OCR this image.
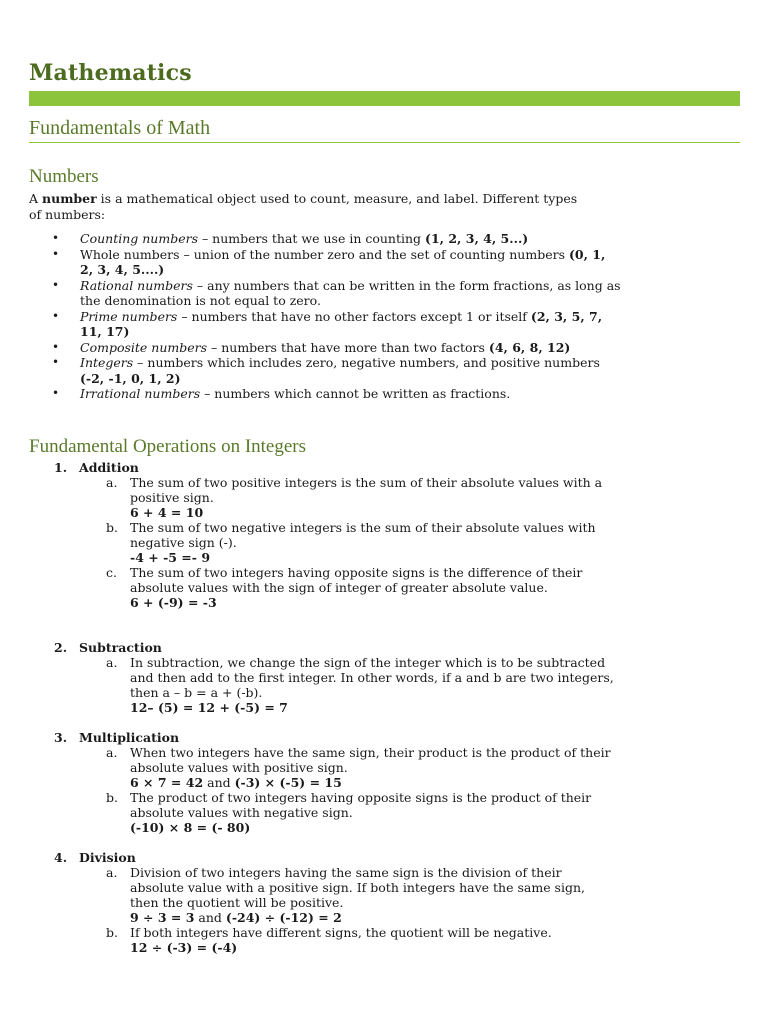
Mathematics
Fundamentals of Math
Numbers

A number is a mathematical object used to count, measure, and label. Different types of numbers:

• Counting numbers – numbers that we use in counting (1, 2, 3, 4, 5...)
• Whole numbers – union of the number zero and the set of counting numbers (0, 1, 2, 3, 4, 5....)
• Rational numbers – any numbers that can be written in the form fractions, as long as the denomination is not equal to zero.
• Prime numbers – numbers that have no other factors except 1 or itself (2, 3, 5, 7, 11, 17)
• Composite numbers – numbers that have more than two factors (4, 6, 8, 12)
• Integers – numbers which includes zero, negative numbers, and positive numbers (-2, -1, 0, 1, 2)
• Irrational numbers – numbers which cannot be written as fractions.
Fundamental Operations on Integers
1. Addition
a. The sum of two positive integers is the sum of their absolute values with a positive sign.
6 + 4 = 10
b. The sum of two negative integers is the sum of their absolute values with negative sign (-).
-4 + -5 =- 9
c. The sum of two integers having opposite signs is the difference of their absolute values with the sign of integer of greater absolute value.
6 + (-9) = -3
2. Subtraction
a. In subtraction, we change the sign of the integer which is to be subtracted and then add to the first integer. In other words, if a and b are two integers, then a – b = a + (-b).
12– (5) = 12 + (-5) = 7
3. Multiplication
a. When two integers have the same sign, their product is the product of their absolute values with positive sign.
6 × 7 = 42 and (-3) × (-5) = 15
b. The product of two integers having opposite signs is the product of their absolute values with negative sign.
(-10) × 8 = (- 80)
4. Division
a. Division of two integers having the same sign is the division of their absolute value with a positive sign. If both integers have the same sign, then the quotient will be positive.
9 ÷ 3 = 3 and (-24) ÷ (-12) = 2
b. If both integers have different signs, the quotient will be negative.
12 ÷ (-3) = (-4)
